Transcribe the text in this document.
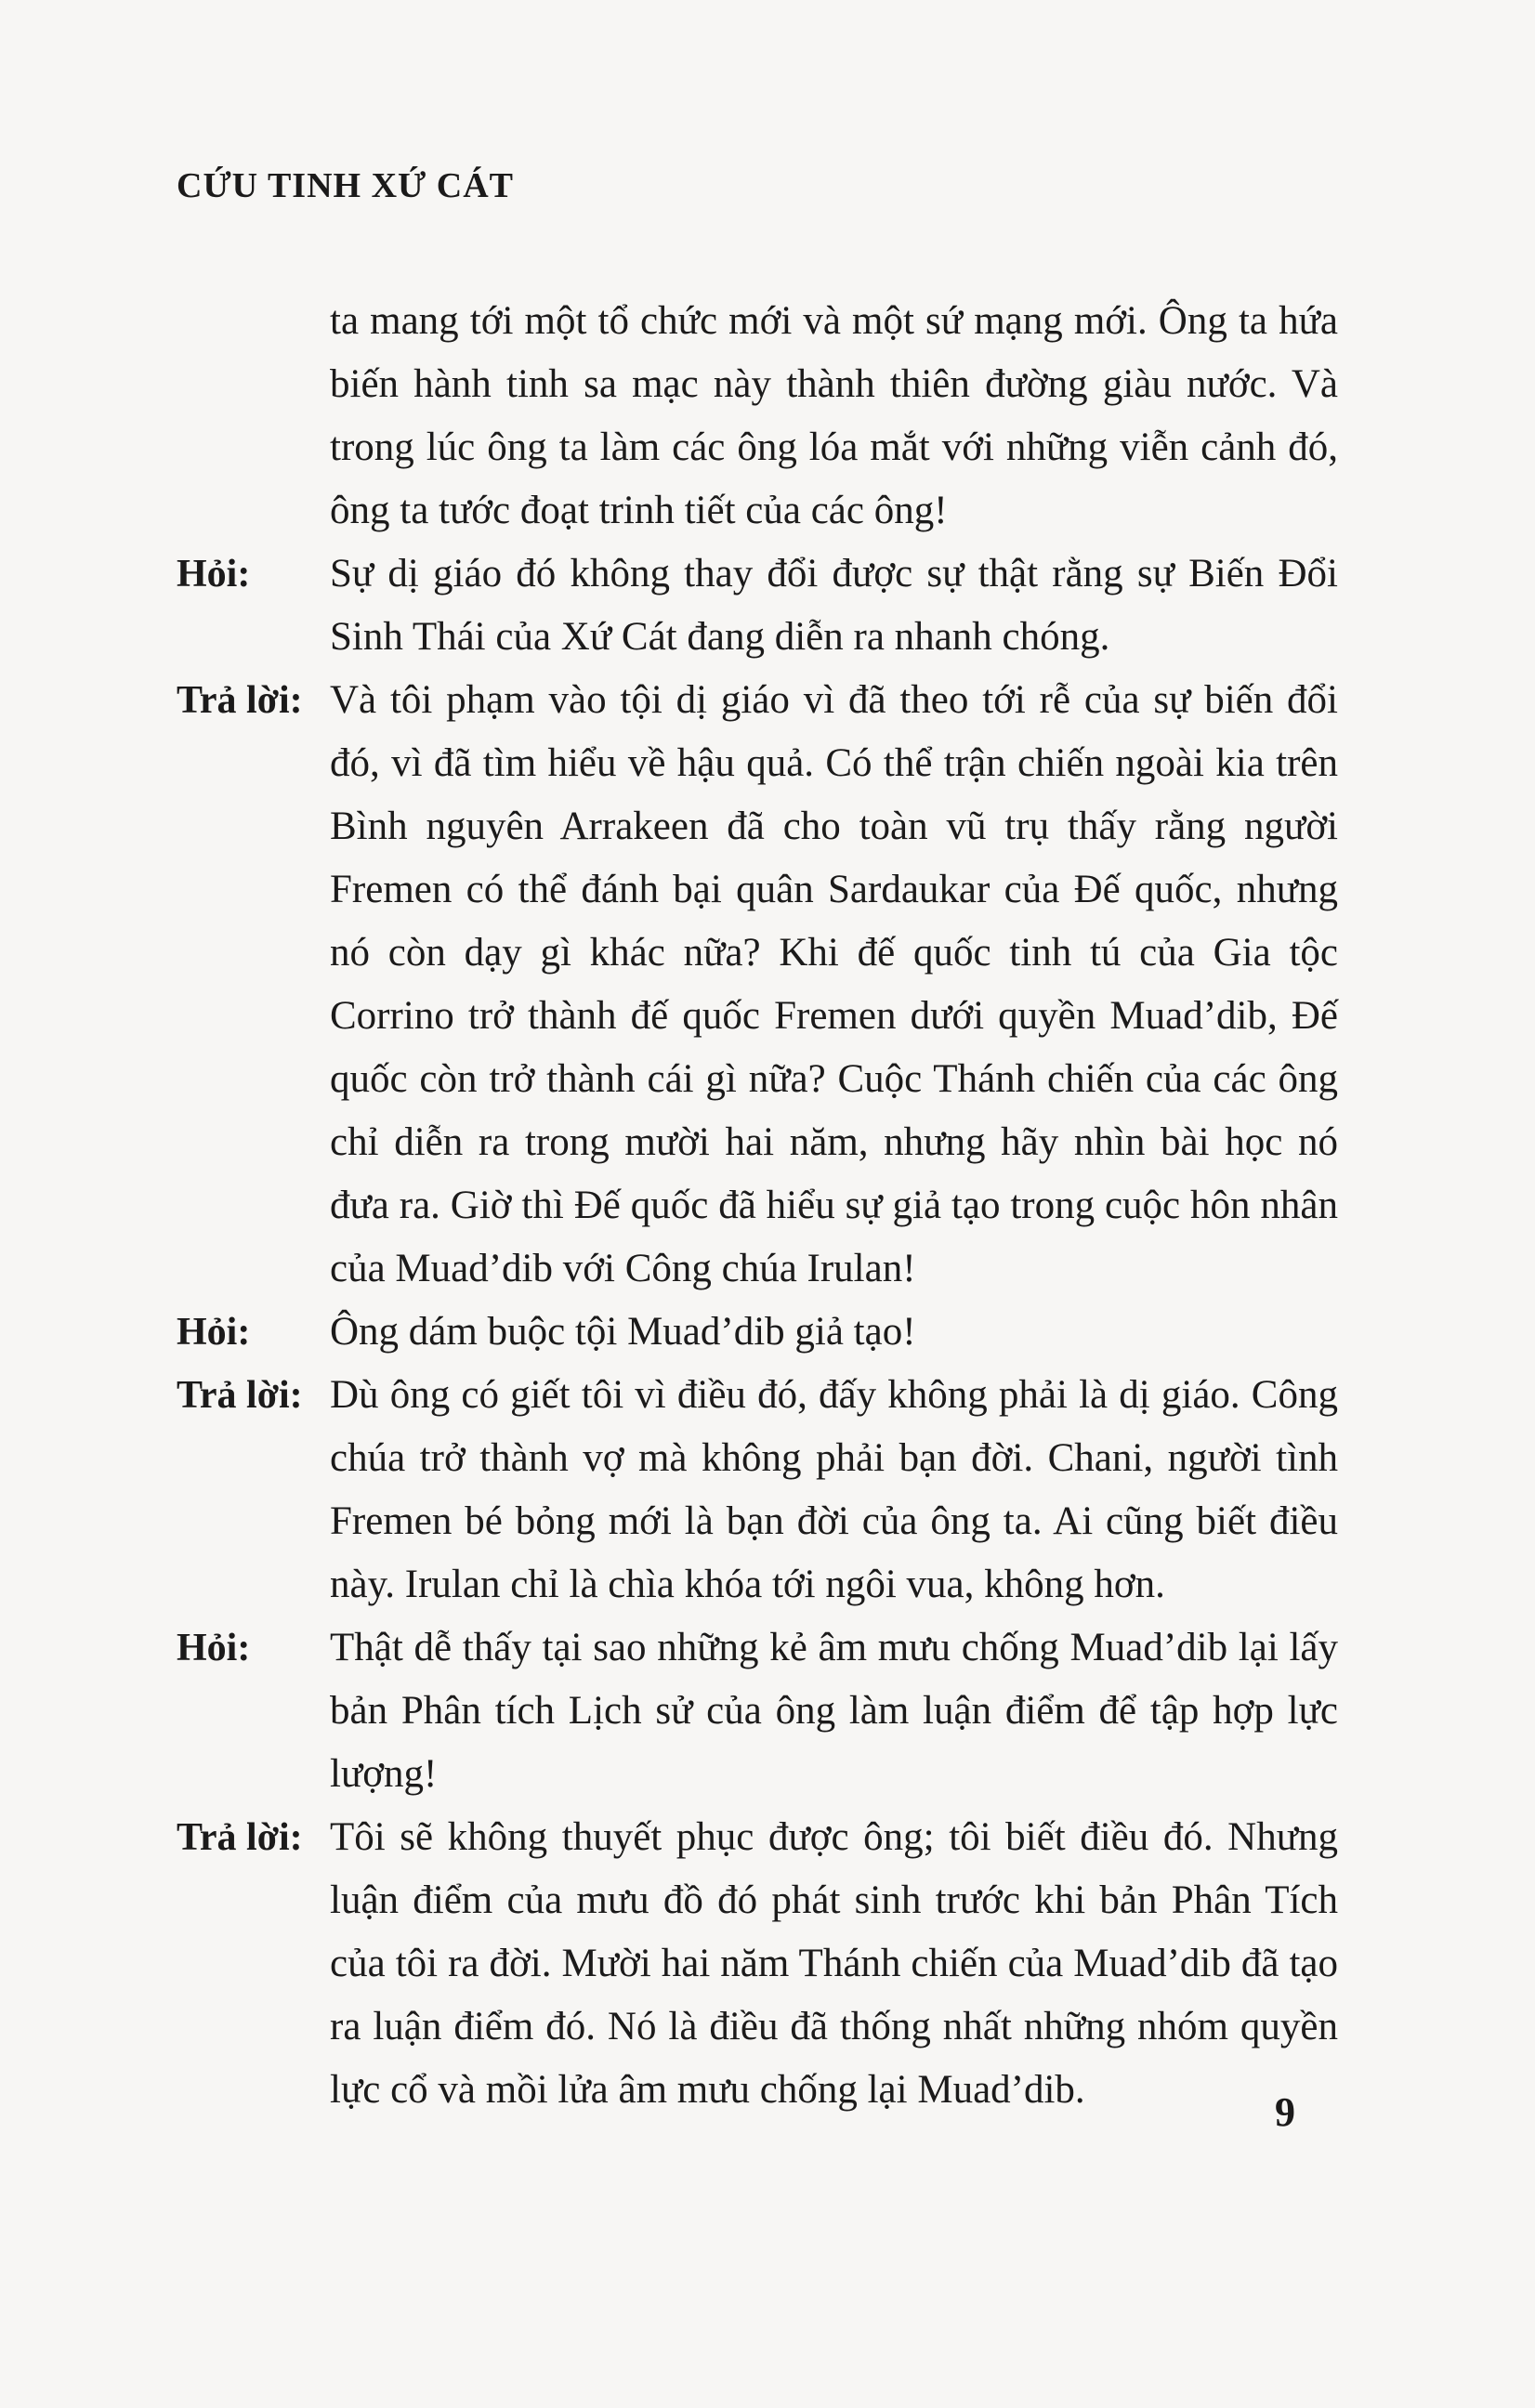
CỨU TINH XỨ CÁT
ta mang tới một tổ chức mới và một sứ mạng mới. Ông ta hứa biến hành tinh sa mạc này thành thiên đường giàu nước. Và trong lúc ông ta làm các ông lóa mắt với những viễn cảnh đó, ông ta tước đoạt trinh tiết của các ông!
Hỏi:	Sự dị giáo đó không thay đổi được sự thật rằng sự Biến Đổi Sinh Thái của Xứ Cát đang diễn ra nhanh chóng.
Trả lời: Và tôi phạm vào tội dị giáo vì đã theo tới rễ của sự biến đổi đó, vì đã tìm hiểu về hậu quả. Có thể trận chiến ngoài kia trên Bình nguyên Arrakeen đã cho toàn vũ trụ thấy rằng người Fremen có thể đánh bại quân Sardaukar của Đế quốc, nhưng nó còn dạy gì khác nữa? Khi đế quốc tinh tú của Gia tộc Corrino trở thành đế quốc Fremen dưới quyền Muad’dib, Đế quốc còn trở thành cái gì nữa? Cuộc Thánh chiến của các ông chỉ diễn ra trong mười hai năm, nhưng hãy nhìn bài học nó đưa ra. Giờ thì Đế quốc đã hiểu sự giả tạo trong cuộc hôn nhân của Muad’dib với Công chúa Irulan!
Hỏi:	Ông dám buộc tội Muad’dib giả tạo!
Trả lời: Dù ông có giết tôi vì điều đó, đấy không phải là dị giáo. Công chúa trở thành vợ mà không phải bạn đời. Chani, người tình Fremen bé bỏng mới là bạn đời của ông ta. Ai cũng biết điều này. Irulan chỉ là chìa khóa tới ngôi vua, không hơn.
Hỏi:	Thật dễ thấy tại sao những kẻ âm mưu chống Muad’dib lại lấy bản Phân tích Lịch sử của ông làm luận điểm để tập hợp lực lượng!
Trả lời: Tôi sẽ không thuyết phục được ông; tôi biết điều đó. Nhưng luận điểm của mưu đồ đó phát sinh trước khi bản Phân Tích của tôi ra đời. Mười hai năm Thánh chiến của Muad’dib đã tạo ra luận điểm đó. Nó là điều đã thống nhất những nhóm quyền lực cổ và mồi lửa âm mưu chống lại Muad’dib.	9
